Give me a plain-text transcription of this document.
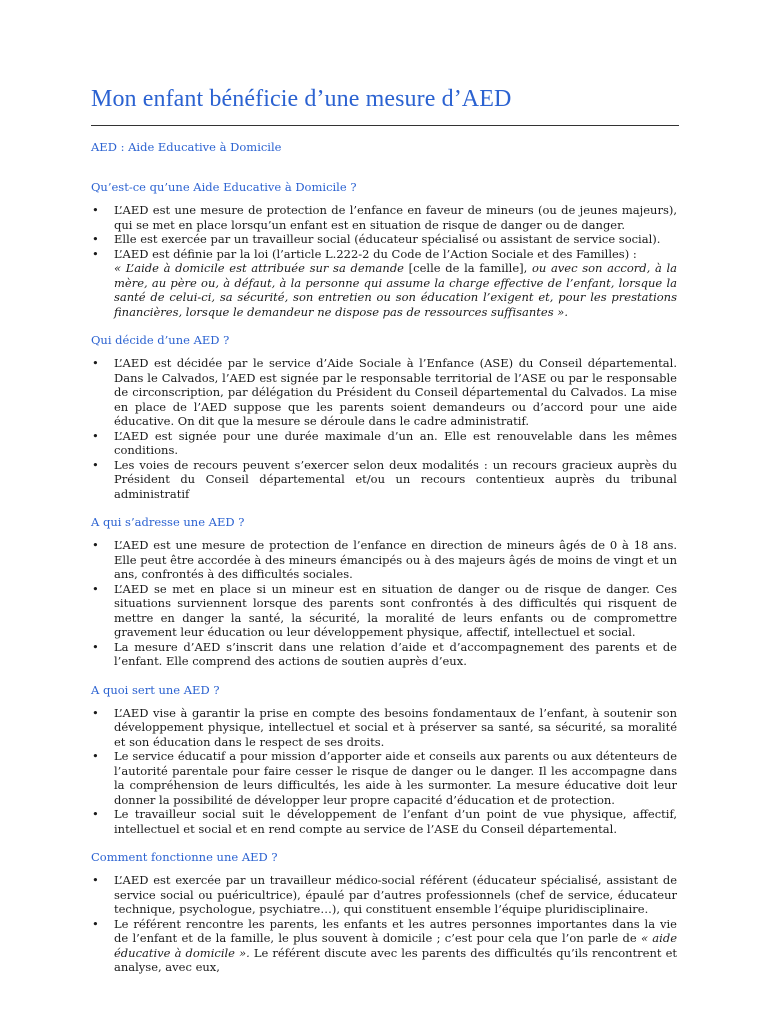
Mon enfant bénéficie d’une mesure d’AED

AED : Aide Educative à Domicile

Qu’est-ce qu’une Aide Educative à Domicile ?

• L’AED est une mesure de protection de l’enfance en faveur de mineurs (ou de jeunes majeurs), qui se met en place lorsqu’un enfant est en situation de risque de danger ou de danger.
• Elle est exercée par un travailleur social (éducateur spécialisé ou assistant de service social).
• L’AED est définie par la loi (l’article L.222-2 du Code de l’Action Sociale et des Familles) :
« L’aide à domicile est attribuée sur sa demande [celle de la famille], ou avec son accord, à la mère, au père ou, à défaut, à la personne qui assume la charge effective de l’enfant, lorsque la santé de celui-ci, sa sécurité, son entretien ou son éducation l’exigent et, pour les prestations financières, lorsque le demandeur ne dispose pas de ressources suffisantes ».

Qui décide d’une AED ?

• L’AED est décidée par le service d’Aide Sociale à l’Enfance (ASE) du Conseil départemental. Dans le Calvados, l’AED est signée par le responsable territorial de l’ASE ou par le responsable de circonscription, par délégation du Président du Conseil départemental du Calvados. La mise en place de l’AED suppose que les parents soient demandeurs ou d’accord pour une aide éducative. On dit que la mesure se déroule dans le cadre administratif.
• L’AED est signée pour une durée maximale d’un an. Elle est renouvelable dans les mêmes conditions.
• Les voies de recours peuvent s’exercer selon deux modalités : un recours gracieux auprès du Président du Conseil départemental et/ou un recours contentieux auprès du tribunal administratif

A qui s’adresse une AED ?

• L’AED est une mesure de protection de l’enfance en direction de mineurs âgés de 0 à 18 ans. Elle peut être accordée à des mineurs émancipés ou à des majeurs âgés de moins de vingt et un ans, confrontés à des difficultés sociales.
• L’AED se met en place si un mineur est en situation de danger ou de risque de danger. Ces situations surviennent lorsque des parents sont confrontés à des difficultés qui risquent de mettre en danger la santé, la sécurité, la moralité de leurs enfants ou de compromettre gravement leur éducation ou leur développement physique, affectif, intellectuel et social.
• La mesure d’AED s’inscrit dans une relation d’aide et d’accompagnement des parents et de l’enfant. Elle comprend des actions de soutien auprès d’eux.

A quoi sert une AED ?

• L’AED vise à garantir la prise en compte des besoins fondamentaux de l’enfant, à soutenir son développement physique, intellectuel et social et à préserver sa santé, sa sécurité, sa moralité et son éducation dans le respect de ses droits.
• Le service éducatif a pour mission d’apporter aide et conseils aux parents ou aux détenteurs de l’autorité parentale pour faire cesser le risque de danger ou le danger. Il les accompagne dans la compréhension de leurs difficultés, les aide à les surmonter. La mesure éducative doit leur donner la possibilité de développer leur propre capacité d’éducation et de protection.
• Le travailleur social suit le développement de l’enfant d’un point de vue physique, affectif, intellectuel et social et en rend compte au service de l’ASE du Conseil départemental.

Comment fonctionne une AED ?

• L’AED est exercée par un travailleur médico-social référent (éducateur spécialisé, assistant de service social ou puéricultrice), épaulé par d’autres professionnels (chef de service, éducateur technique, psychologue, psychiatre…), qui constituent ensemble l’équipe pluridisciplinaire.
• Le référent rencontre les parents, les enfants et les autres personnes importantes dans la vie de l’enfant et de la famille, le plus souvent à domicile ; c’est pour cela que l’on parle de « aide éducative à domicile ». Le référent discute avec les parents des difficultés qu’ils rencontrent et analyse, avec eux,
